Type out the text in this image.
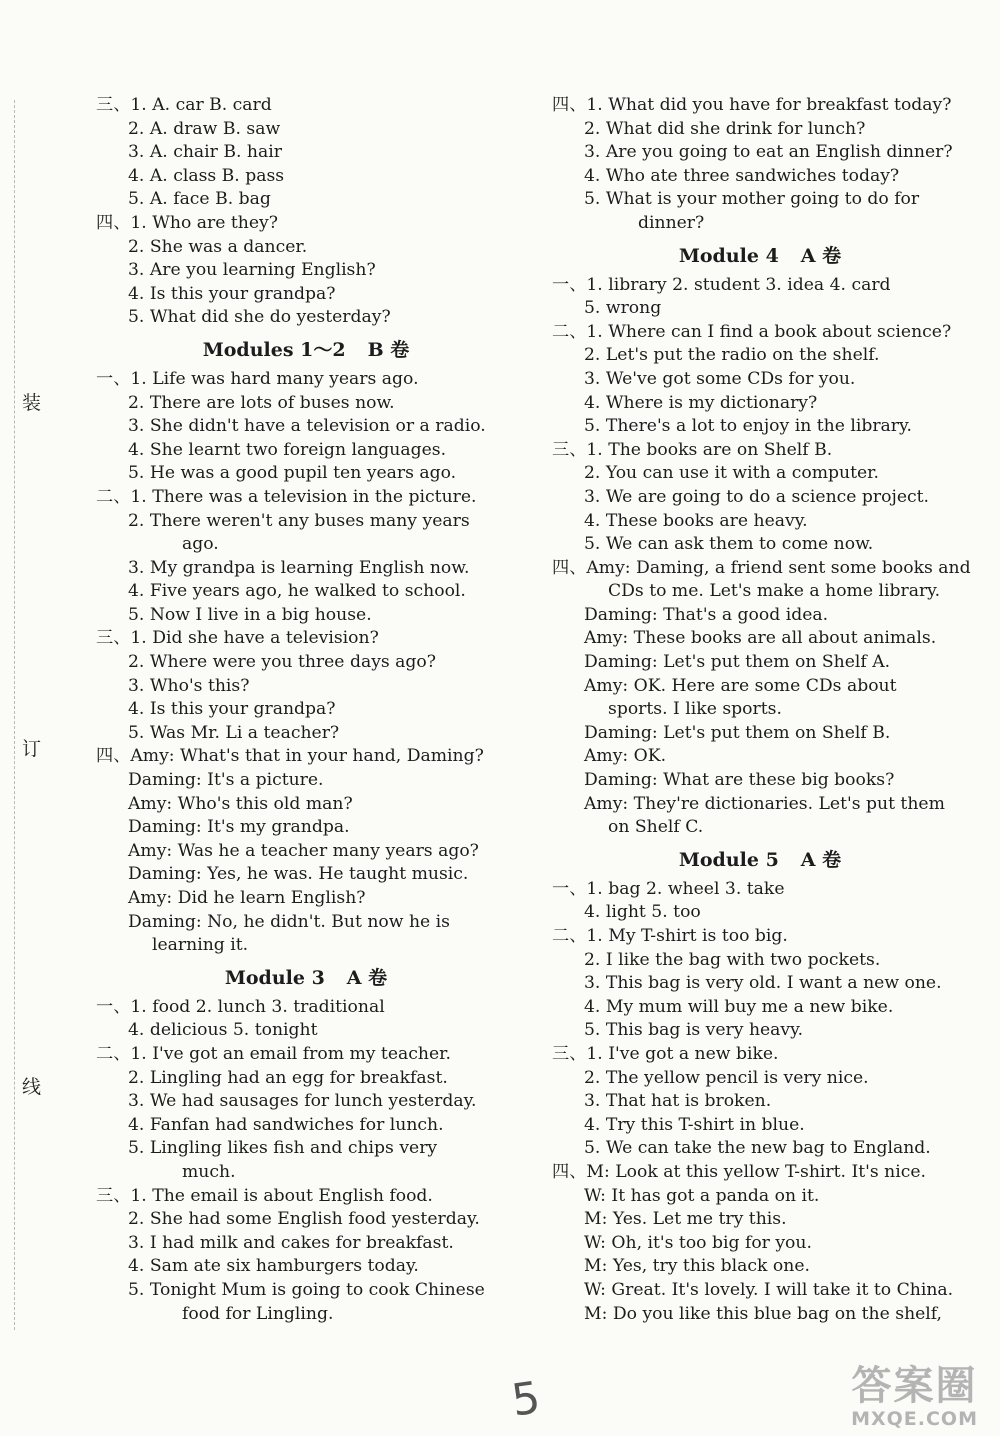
装
订
线
三、1. A. car B. card
2. A. draw B. saw
3. A. chair B. hair
4. A. class B. pass
5. A. face B. bag
四、1. Who are they?
2. She was a dancer.
3. Are you learning English?
4. Is this your grandpa?
5. What did she do yesterday?
Modules 1～2 B 卷
一、1. Life was hard many years ago.
2. There are lots of buses now.
3. She didn't have a television or a radio.
4. She learnt two foreign languages.
5. He was a good pupil ten years ago.
二、1. There was a television in the picture.
2. There weren't any buses many years
ago.
3. My grandpa is learning English now.
4. Five years ago, he walked to school.
5. Now I live in a big house.
三、1. Did she have a television?
2. Where were you three days ago?
3. Who's this?
4. Is this your grandpa?
5. Was Mr. Li a teacher?
四、Amy: What's that in your hand, Daming?
Daming: It's a picture.
Amy: Who's this old man?
Daming: It's my grandpa.
Amy: Was he a teacher many years ago?
Daming: Yes, he was. He taught music.
Amy: Did he learn English?
Daming: No, he didn't. But now he is
learning it.
Module 3 A 卷
一、1. food 2. lunch 3. traditional
4. delicious 5. tonight
二、1. I've got an email from my teacher.
2. Lingling had an egg for breakfast.
3. We had sausages for lunch yesterday.
4. Fanfan had sandwiches for lunch.
5. Lingling likes fish and chips very
much.
三、1. The email is about English food.
2. She had some English food yesterday.
3. I had milk and cakes for breakfast.
4. Sam ate six hamburgers today.
5. Tonight Mum is going to cook Chinese
food for Lingling.
四、1. What did you have for breakfast today?
2. What did she drink for lunch?
3. Are you going to eat an English dinner?
4. Who ate three sandwiches today?
5. What is your mother going to do for
dinner?
Module 4 A 卷
一、1. library 2. student 3. idea 4. card
5. wrong
二、1. Where can I find a book about science?
2. Let's put the radio on the shelf.
3. We've got some CDs for you.
4. Where is my dictionary?
5. There's a lot to enjoy in the library.
三、1. The books are on Shelf B.
2. You can use it with a computer.
3. We are going to do a science project.
4. These books are heavy.
5. We can ask them to come now.
四、Amy: Daming, a friend sent some books and
CDs to me. Let's make a home library.
Daming: That's a good idea.
Amy: These books are all about animals.
Daming: Let's put them on Shelf A.
Amy: OK. Here are some CDs about
sports. I like sports.
Daming: Let's put them on Shelf B.
Amy: OK.
Daming: What are these big books?
Amy: They're dictionaries. Let's put them
on Shelf C.
Module 5 A 卷
一、1. bag 2. wheel 3. take
4. light 5. too
二、1. My T-shirt is too big.
2. I like the bag with two pockets.
3. This bag is very old. I want a new one.
4. My mum will buy me a new bike.
5. This bag is very heavy.
三、1. I've got a new bike.
2. The yellow pencil is very nice.
3. That hat is broken.
4. Try this T-shirt in blue.
5. We can take the new bag to England.
四、M: Look at this yellow T-shirt. It's nice.
W: It has got a panda on it.
M: Yes. Let me try this.
W: Oh, it's too big for you.
M: Yes, try this black one.
W: Great. It's lovely. I will take it to China.
M: Do you like this blue bag on the shelf,
5	答案圈
MXQE.COM
